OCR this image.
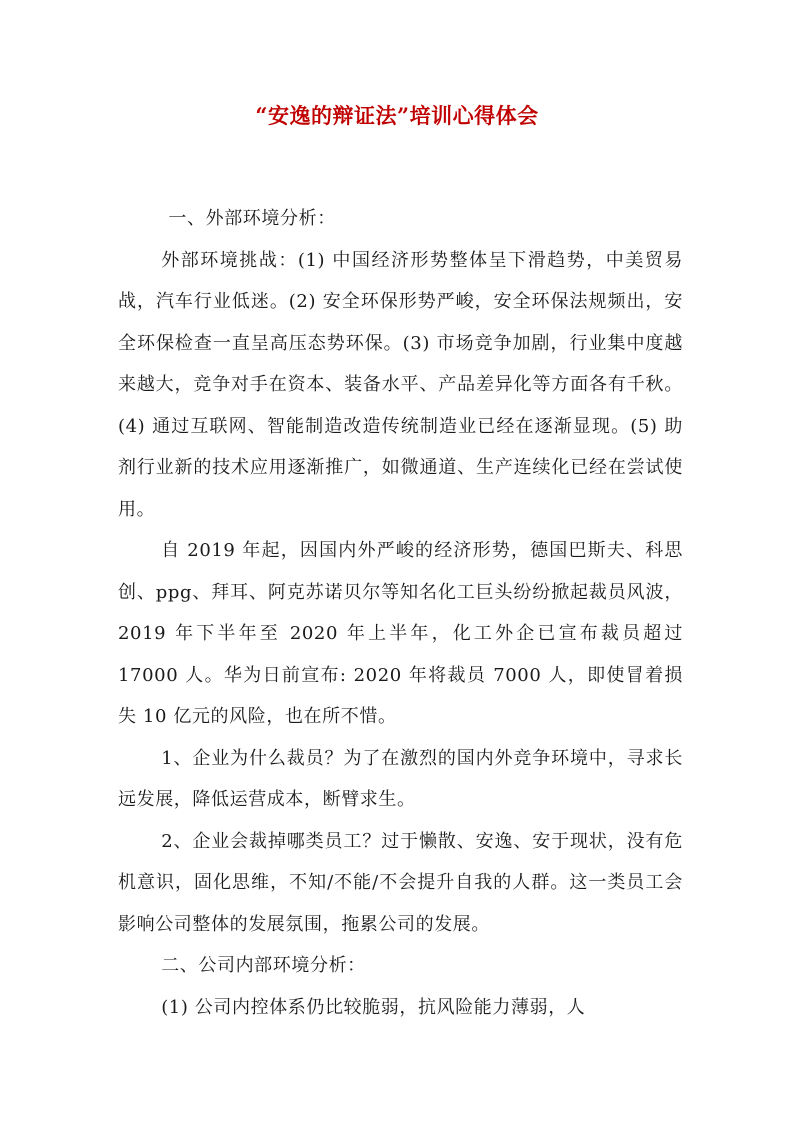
“安逸的辩证法”培训心得体会

一、外部环境分析：

外部环境挑战：(1) 中国经济形势整体呈下滑趋势，中美贸易战，汽车行业低迷。(2) 安全环保形势严峻，安全环保法规频出，安全环保检查一直呈高压态势环保。(3) 市场竞争加剧，行业集中度越来越大，竞争对手在资本、装备水平、产品差异化等方面各有千秋。(4) 通过互联网、智能制造改造传统制造业已经在逐渐显现。(5) 助剂行业新的技术应用逐渐推广，如微通道、生产连续化已经在尝试使用。

自 2019 年起，因国内外严峻的经济形势，德国巴斯夫、科思创、ppg、拜耳、阿克苏诺贝尔等知名化工巨头纷纷掀起裁员风波，2019 年下半年至 2020 年上半年，化工外企已宣布裁员超过 17000 人。华为日前宣布: 2020 年将裁员 7000 人，即使冒着损失 10 亿元的风险，也在所不惜。

1、企业为什么裁员？为了在激烈的国内外竞争环境中，寻求长远发展，降低运营成本，断臂求生。

2、企业会裁掉哪类员工？过于懒散、安逸、安于现状，没有危机意识，固化思维，不知/不能/不会提升自我的人群。这一类员工会影响公司整体的发展氛围，拖累公司的发展。

二、公司内部环境分析：

(1) 公司内控体系仍比较脆弱，抗风险能力薄弱，人
